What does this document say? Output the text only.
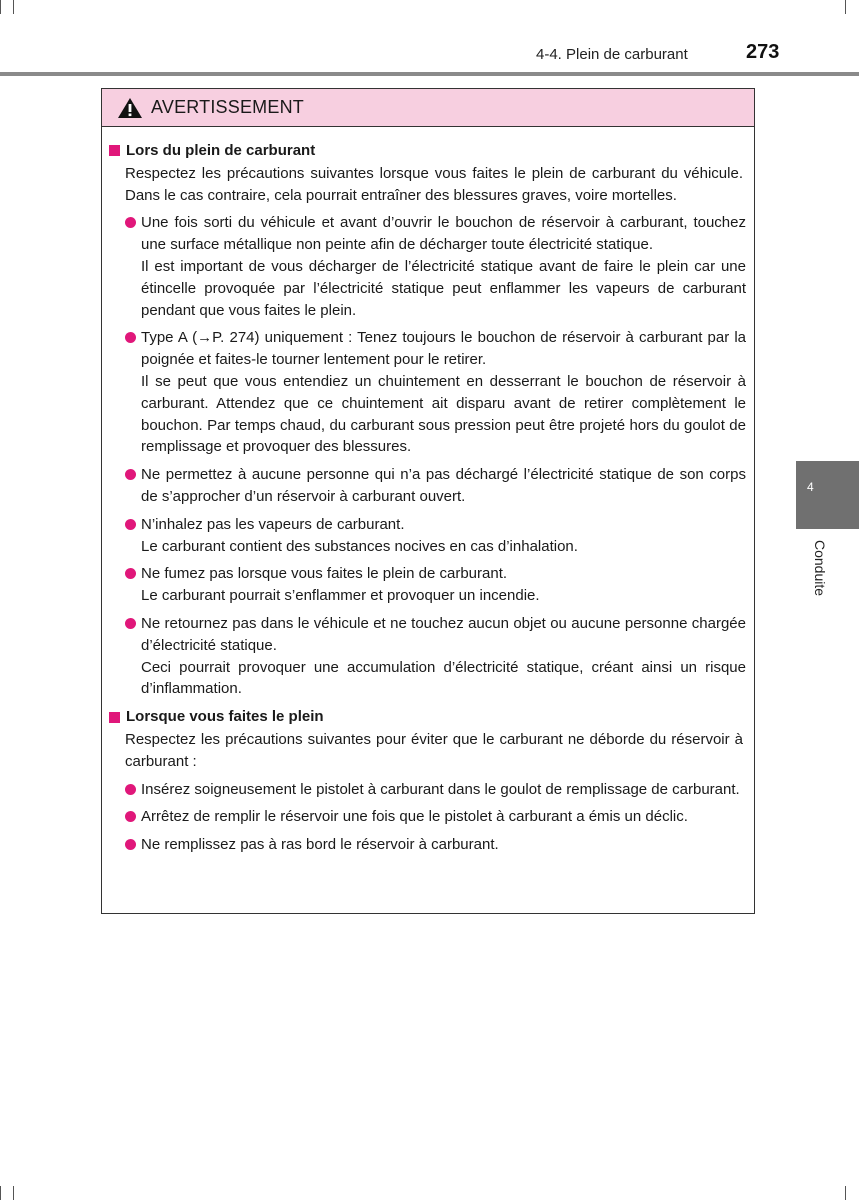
4-4. Plein de carburant	273
4
Conduite
AVERTISSEMENT
Lors du plein de carburant
Respectez les précautions suivantes lorsque vous faites le plein de carburant du véhicule. Dans le cas contraire, cela pourrait entraîner des blessures graves, voire mortelles.
Une fois sorti du véhicule et avant d’ouvrir le bouchon de réservoir à carburant, touchez une surface métallique non peinte afin de décharger toute électricité statique.
Il est important de vous décharger de l’électricité statique avant de faire le plein car une étincelle provoquée par l’électricité statique peut enflammer les vapeurs de carburant pendant que vous faites le plein.
Type A (→P. 274) uniquement : Tenez toujours le bouchon de réservoir à carburant par la poignée et faites-le tourner lentement pour le retirer.
Il se peut que vous entendiez un chuintement en desserrant le bouchon de réservoir à carburant. Attendez que ce chuintement ait disparu avant de retirer complètement le bouchon. Par temps chaud, du carburant sous pression peut être projeté hors du goulot de remplissage et provoquer des blessures.
Ne permettez à aucune personne qui n’a pas déchargé l’électricité statique de son corps de s’approcher d’un réservoir à carburant ouvert.
N’inhalez pas les vapeurs de carburant.
Le carburant contient des substances nocives en cas d’inhalation.
Ne fumez pas lorsque vous faites le plein de carburant.
Le carburant pourrait s’enflammer et provoquer un incendie.
Ne retournez pas dans le véhicule et ne touchez aucun objet ou aucune personne chargée d’électricité statique.
Ceci pourrait provoquer une accumulation d’électricité statique, créant ainsi un risque d’inflammation.
Lorsque vous faites le plein
Respectez les précautions suivantes pour éviter que le carburant ne déborde du réservoir à carburant :
Insérez soigneusement le pistolet à carburant dans le goulot de remplissage de carburant.
Arrêtez de remplir le réservoir une fois que le pistolet à carburant a émis un déclic.
Ne remplissez pas à ras bord le réservoir à carburant.
